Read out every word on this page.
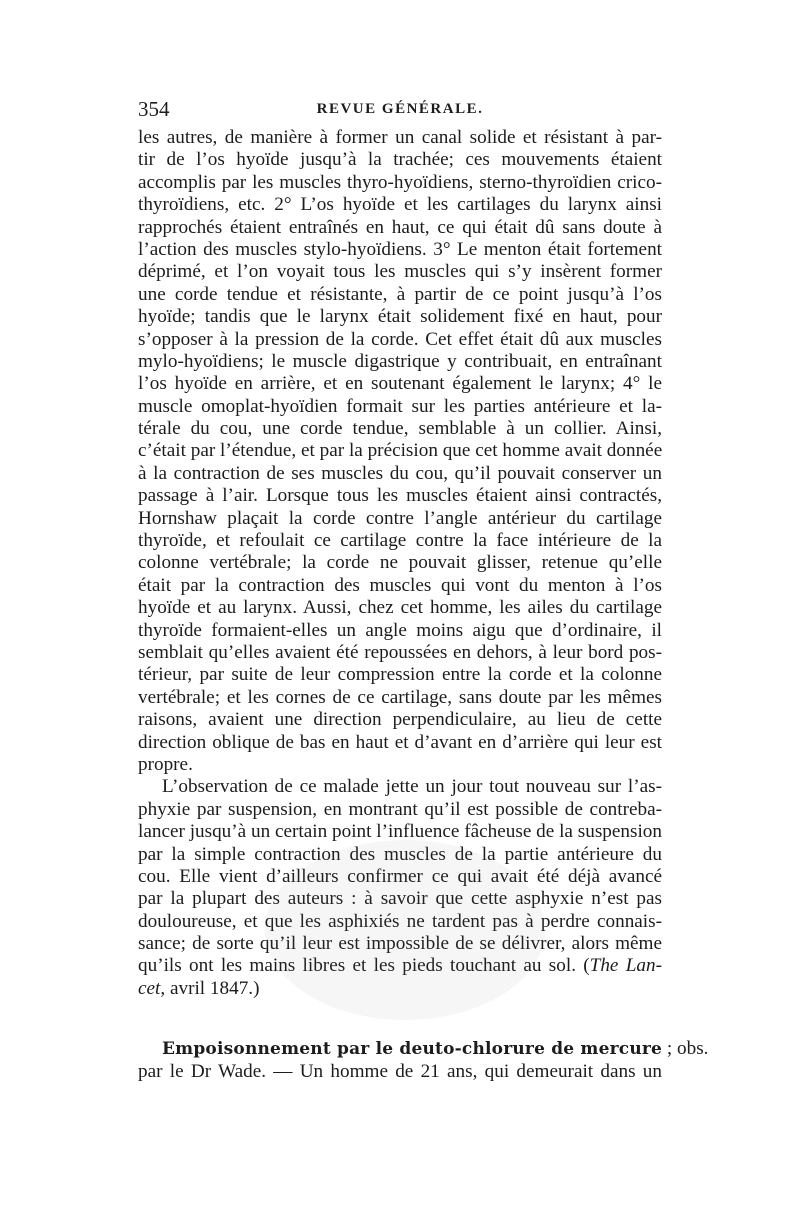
354	REVUE GÉNÉRALE.
les autres, de manière à former un canal solide et résistant à par-
tir de l’os hyoïde jusqu’à la trachée; ces mouvements étaient
accomplis par les muscles thyro-hyoïdiens, sterno-thyroïdien crico-
thyroïdiens, etc. 2° L’os hyoïde et les cartilages du larynx ainsi
rapprochés étaient entraînés en haut, ce qui était dû sans doute à
l’action des muscles stylo-hyoïdiens. 3° Le menton était fortement
déprimé, et l’on voyait tous les muscles qui s’y insèrent former
une corde tendue et résistante, à partir de ce point jusqu’à l’os
hyoïde; tandis que le larynx était solidement fixé en haut, pour
s’opposer à la pression de la corde. Cet effet était dû aux muscles
mylo-hyoïdiens; le muscle digastrique y contribuait, en entraînant
l’os hyoïde en arrière, et en soutenant également le larynx; 4° le
muscle omoplat-hyoïdien formait sur les parties antérieure et la-
térale du cou, une corde tendue, semblable à un collier. Ainsi,
c’était par l’étendue, et par la précision que cet homme avait donnée
à la contraction de ses muscles du cou, qu’il pouvait conserver un
passage à l’air. Lorsque tous les muscles étaient ainsi contractés,
Hornshaw plaçait la corde contre l’angle antérieur du cartilage
thyroïde, et refoulait ce cartilage contre la face intérieure de la
colonne vertébrale; la corde ne pouvait glisser, retenue qu’elle
était par la contraction des muscles qui vont du menton à l’os
hyoïde et au larynx. Aussi, chez cet homme, les ailes du cartilage
thyroïde formaient-elles un angle moins aigu que d’ordinaire, il
semblait qu’elles avaient été repoussées en dehors, à leur bord pos-
térieur, par suite de leur compression entre la corde et la colonne
vertébrale; et les cornes de ce cartilage, sans doute par les mêmes
raisons, avaient une direction perpendiculaire, au lieu de cette
direction oblique de bas en haut et d’avant en d’arrière qui leur est
propre.
L’observation de ce malade jette un jour tout nouveau sur l’as-
phyxie par suspension, en montrant qu’il est possible de contreba-
lancer jusqu’à un certain point l’influence fâcheuse de la suspension
par la simple contraction des muscles de la partie antérieure du
cou. Elle vient d’ailleurs confirmer ce qui avait été déjà avancé
par la plupart des auteurs : à savoir que cette asphyxie n’est pas
douloureuse, et que les asphixiés ne tardent pas à perdre connais-
sance; de sorte qu’il leur est impossible de se délivrer, alors même
qu’ils ont les mains libres et les pieds touchant au sol. (The Lan-
cet, avril 1847.)
Empoisonnement par le deuto-chlorure de mercure ; obs.
par le Dr Wade. — Un homme de 21 ans, qui demeurait dans un
